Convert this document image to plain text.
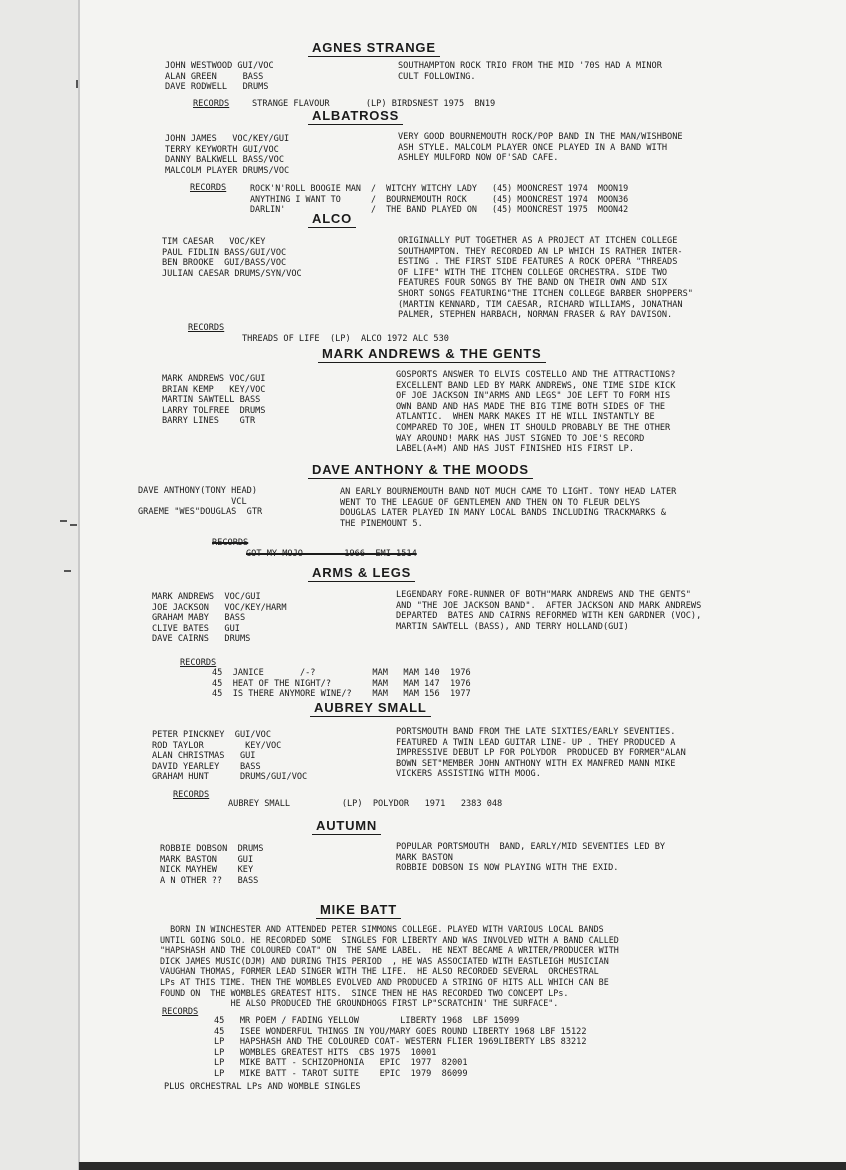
AGNES STRANGE
JOHN WESTWOOD GUI/VOC
ALAN GREEN     BASS
DAVE RODWELL   DRUMS
SOUTHAMPTON ROCK TRIO FROM THE MID '70S HAD A MINOR
CULT FOLLOWING.
RECORDS	STRANGE FLAVOUR       (LP) BIRDSNEST 1975  BN19
ALBATROSS
JOHN JAMES   VOC/KEY/GUI
TERRY KEYWORTH GUI/VOC
DANNY BALKWELL BASS/VOC
MALCOLM PLAYER DRUMS/VOC
VERY GOOD BOURNEMOUTH ROCK/POP BAND IN THE MAN/WISHBONE
ASH STYLE. MALCOLM PLAYER ONCE PLAYED IN A BAND WITH
ASHLEY MULFORD NOW OF'SAD CAFE.
RECORDS	ROCK'N'ROLL BOOGIE MAN  /  WITCHY WITCHY LADY   (45) MOONCREST 1974  MOON19
ANYTHING I WANT TO      /  BOURNEMOUTH ROCK     (45) MOONCREST 1974  MOON36
DARLIN'                 /  THE BAND PLAYED ON   (45) MOONCREST 1975  MOON42
ALCO
TIM CAESAR   VOC/KEY
PAUL FIDLIN BASS/GUI/VOC
BEN BROOKE  GUI/BASS/VOC
JULIAN CAESAR DRUMS/SYN/VOC
ORIGINALLY PUT TOGETHER AS A PROJECT AT ITCHEN COLLEGE
SOUTHAMPTON. THEY RECORDED AN LP WHICH IS RATHER INTER-
ESTING . THE FIRST SIDE FEATURES A ROCK OPERA "THREADS
OF LIFE" WITH THE ITCHEN COLLEGE ORCHESTRA. SIDE TWO
FEATURES FOUR SONGS BY THE BAND ON THEIR OWN AND SIX
SHORT SONGS FEATURING"THE ITCHEN COLLEGE BARBER SHOPPERS"
(MARTIN KENNARD, TIM CAESAR, RICHARD WILLIAMS, JONATHAN
PALMER, STEPHEN HARBACH, NORMAN FRASER & RAY DAVISON.
RECORDS
THREADS OF LIFE  (LP)  ALCO 1972 ALC 530
MARK ANDREWS & THE GENTS
MARK ANDREWS VOC/GUI
BRIAN KEMP   KEY/VOC
MARTIN SAWTELL BASS
LARRY TOLFREE  DRUMS
BARRY LINES    GTR
GOSPORTS ANSWER TO ELVIS COSTELLO AND THE ATTRACTIONS?
EXCELLENT BAND LED BY MARK ANDREWS, ONE TIME SIDE KICK
OF JOE JACKSON IN"ARMS AND LEGS" JOE LEFT TO FORM HIS
OWN BAND AND HAS MADE THE BIG TIME BOTH SIDES OF THE
ATLANTIC.  WHEN MARK MAKES IT HE WILL INSTANTLY BE
COMPARED TO JOE, WHEN IT SHOULD PROBABLY BE THE OTHER
WAY AROUND! MARK HAS JUST SIGNED TO JOE'S RECORD
LABEL(A+M) AND HAS JUST FINISHED HIS FIRST LP.
DAVE ANTHONY & THE MOODS
DAVE ANTHONY(TONY HEAD)
VCL
GRAEME "WES"DOUGLAS  GTR
AN EARLY BOURNEMOUTH BAND NOT MUCH CAME TO LIGHT. TONY HEAD LATER
WENT TO THE LEAGUE OF GENTLEMEN AND THEN ON TO FLEUR DELYS
DOUGLAS LATER PLAYED IN MANY LOCAL BANDS INCLUDING TRACKMARKS &
THE PINEMOUNT 5.
RECORDS
GOT MY MOJO        1966  EMI 1514
ARMS & LEGS
MARK ANDREWS  VOC/GUI
JOE JACKSON   VOC/KEY/HARM
GRAHAM MABY   BASS
CLIVE BATES   GUI
DAVE CAIRNS   DRUMS
LEGENDARY FORE-RUNNER OF BOTH"MARK ANDREWS AND THE GENTS"
AND "THE JOE JACKSON BAND".  AFTER JACKSON AND MARK ANDREWS
DEPARTED  BATES AND CAIRNS REFORMED WITH KEN GARDNER (VOC),
MARTIN SAWTELL (BASS), AND TERRY HOLLAND(GUI)
RECORDS
45  JANICE       /-?           MAM   MAM 140  1976
45  HEAT OF THE NIGHT/?        MAM   MAM 147  1976
45  IS THERE ANYMORE WINE/?    MAM   MAM 156  1977
AUBREY SMALL
PETER PINCKNEY  GUI/VOC
ROD TAYLOR        KEY/VOC
ALAN CHRISTMAS   GUI
DAVID YEARLEY    BASS
GRAHAM HUNT      DRUMS/GUI/VOC
PORTSMOUTH BAND FROM THE LATE SIXTIES/EARLY SEVENTIES.
FEATURED A TWIN LEAD GUITAR LINE- UP . THEY PRODUCED A
IMPRESSIVE DEBUT LP FOR POLYDOR  PRODUCED BY FORMER"ALAN
BOWN SET"MEMBER JOHN ANTHONY WITH EX MANFRED MANN MIKE
VICKERS ASSISTING WITH MOOG.
RECORDS
AUBREY SMALL          (LP)  POLYDOR   1971   2383 048
AUTUMN
ROBBIE DOBSON  DRUMS
MARK BASTON    GUI
NICK MAYHEW    KEY
A N OTHER ??   BASS
POPULAR PORTSMOUTH  BAND, EARLY/MID SEVENTIES LED BY
MARK BASTON
ROBBIE DOBSON IS NOW PLAYING WITH THE EXID.
MIKE BATT
BORN IN WINCHESTER AND ATTENDED PETER SIMMONS COLLEGE. PLAYED WITH VARIOUS LOCAL BANDS
UNTIL GOING SOLO. HE RECORDED SOME  SINGLES FOR LIBERTY AND WAS INVOLVED WITH A BAND CALLED
"HAPSHASH AND THE COLOURED COAT" ON  THE SAME LABEL.  HE NEXT BECAME A WRITER/PRODUCER WITH
DICK JAMES MUSIC(DJM) AND DURING THIS PERIOD  , HE WAS ASSOCIATED WITH EASTLEIGH MUSICIAN
VAUGHAN THOMAS, FORMER LEAD SINGER WITH THE LIFE.  HE ALSO RECORDED SEVERAL  ORCHESTRAL
LPs AT THIS TIME. THEN THE WOMBLES EVOLVED AND PRODUCED A STRING OF HITS ALL WHICH CAN BE
FOUND ON  THE WOMBLES GREATEST HITS.  SINCE THEN HE HAS RECORDED TWO CONCEPT LPs.
HE ALSO PRODUCED THE GROUNDHOGS FIRST LP"SCRATCHIN' THE SURFACE".
RECORDS
45   MR POEM / FADING YELLOW        LIBERTY 1968  LBF 15099
45   ISEE WONDERFUL THINGS IN YOU/MARY GOES ROUND LIBERTY 1968 LBF 15122
LP   HAPSHASH AND THE COLOURED COAT- WESTERN FLIER 1969LIBERTY LBS 83212
LP   WOMBLES GREATEST HITS  CBS 1975  10001
LP   MIKE BATT - SCHIZOPHONIA   EPIC  1977  82001
LP   MIKE BATT - TAROT SUITE    EPIC  1979  86099
PLUS ORCHESTRAL LPs AND WOMBLE SINGLES
